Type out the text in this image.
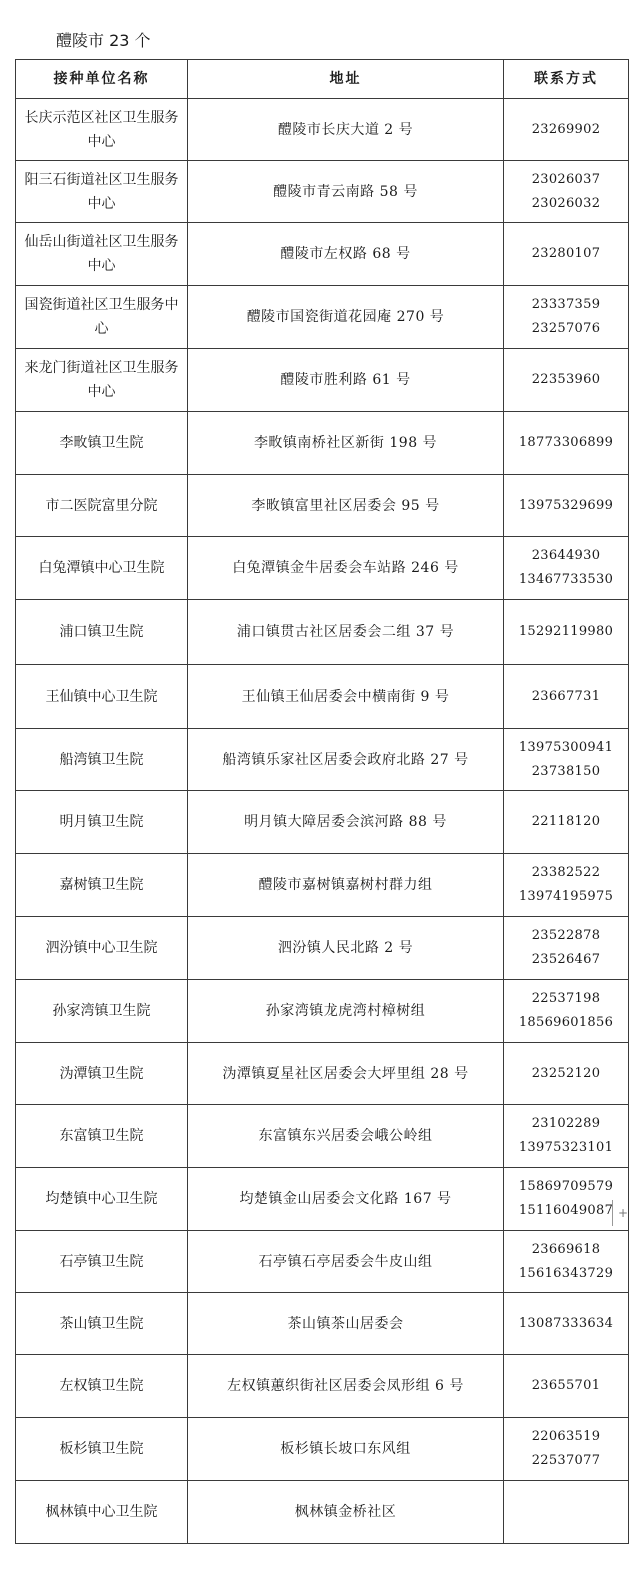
醴陵市 23 个
接种单位名称	地址	联系方式
长庆示范区社区卫生服务中心	醴陵市长庆大道 2 号	23269902

阳三石街道社区卫生服务中心	醴陵市青云南路 58 号	23026037
23026032

仙岳山街道社区卫生服务中心	醴陵市左权路 68 号	23280107

国瓷街道社区卫生服务中心	醴陵市国瓷街道花园庵 270 号	23337359
23257076

来龙门街道社区卫生服务中心	醴陵市胜利路 61 号	22353960

李畋镇卫生院	李畋镇南桥社区新街 198 号	18773306899

市二医院富里分院	李畋镇富里社区居委会 95 号	13975329699

白兔潭镇中心卫生院	白兔潭镇金牛居委会车站路 246 号	23644930
13467733530

浦口镇卫生院	浦口镇贯古社区居委会二组 37 号	15292119980

王仙镇中心卫生院	王仙镇王仙居委会中横南街 9 号	23667731

船湾镇卫生院	船湾镇乐家社区居委会政府北路 27 号	13975300941
23738150

明月镇卫生院	明月镇大障居委会滨河路 88 号	22118120

嘉树镇卫生院	醴陵市嘉树镇嘉树村群力组	23382522
13974195975

泗汾镇中心卫生院	泗汾镇人民北路 2 号	23522878
23526467

孙家湾镇卫生院	孙家湾镇龙虎湾村樟树组	22537198
18569601856

沩潭镇卫生院	沩潭镇夏星社区居委会大坪里组 28 号	23252120

东富镇卫生院	东富镇东兴居委会峨公岭组	23102289
13975323101

均楚镇中心卫生院	均楚镇金山居委会文化路 167 号	15869709579
15116049087

石亭镇卫生院	石亭镇石亭居委会牛皮山组	23669618
15616343729

茶山镇卫生院	茶山镇茶山居委会	13087333634

左权镇卫生院	左权镇蕙织街社区居委会凤形组 6 号	23655701

板杉镇卫生院	板杉镇长坡口东风组	22063519
22537077

枫林镇中心卫生院	枫林镇金桥社区	
+
